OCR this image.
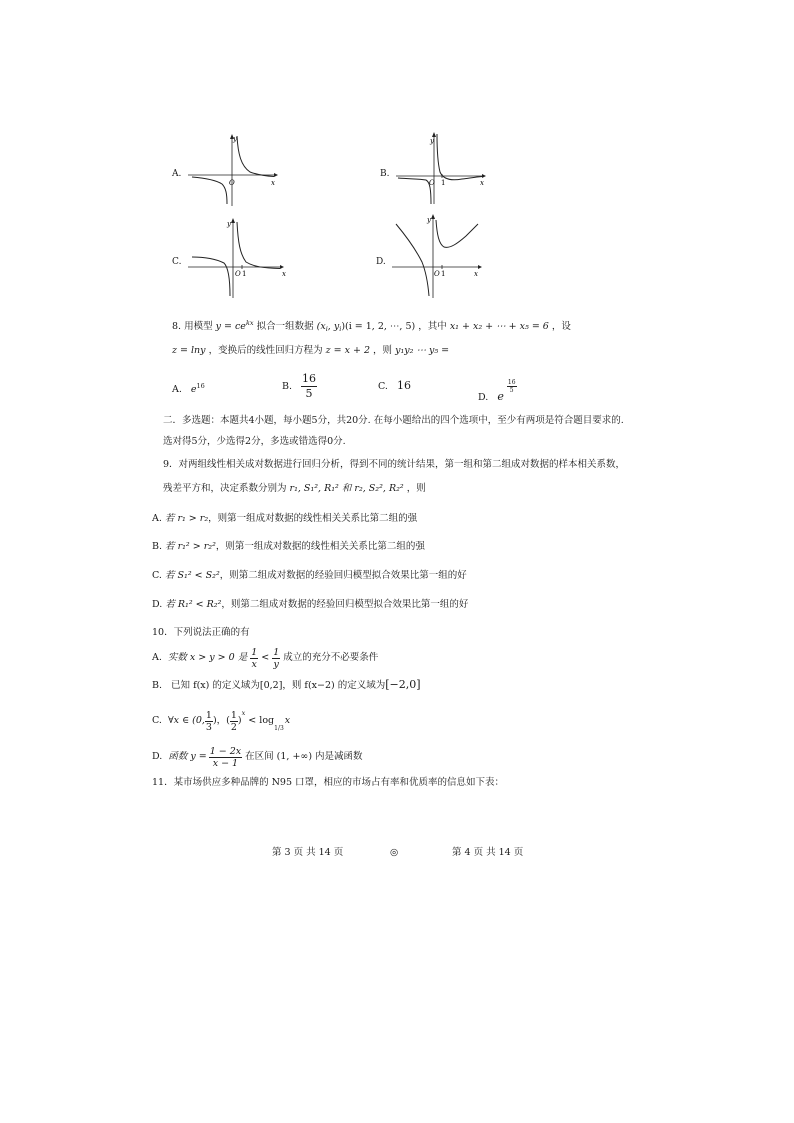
A.
y
O	x
B.
y
O 1	x
C.
y
O 1	x
D.
y
O 1	x
8. 用模型 $y = ce^{kx}$ 拟合一组数据 ($x_i$, $y_i)(i = 1$, 2, ⋯, 5) ，其中 x₁ + x₂ + ⋯ + x₅ = 6 ，设
z = lny ，变换后的线性回归方程为 z = x + 2 ，则 y₁y₂ ⋯ y₅ =
A. $e^{16}$	B. $\frac{16}{5}$	C. 16
D. e
$\frac{16}{5}$
二．多选题：本题共4小题，每小题5分，共20分. 在每小题给出的四个选项中，至少有两项是符合题目要求的.
选对得5分，少选得2分，多选或错选得0分.
9．对两组线性相关成对数据进行回归分析，得到不同的统计结果，第一组和第二组成对数据的样本相关系数，
残差平方和，决定系数分别为 r₁, S₁², R₁² 和 r₂, S₂², R₂² ，则
A. 若 r₁ > r₂，则第一组成对数据的线性相关关系比第二组的强
B. 若 r₁² > r₂²，则第一组成对数据的线性相关关系比第二组的强
C. 若 S₁² < S₂²，则第二组成对数据的经验回归模型拟合效果比第一组的好
D. 若 R₁² < R₂²，则第二组成对数据的经验回归模型拟合效果比第一组的好
10．下列说法正确的有
A. 实数 x > y > 0 是 $\frac{1}{x} < \frac{1}{y}$ 成立的充分不必要条件
B. 已知 f(x) 的定义域为[0,2]，则 f(x−2) 的定义域为[−2,0]
C. ∀x ∈ (0, $\frac{1}{3}$ )，( $\frac{1}{2}$ )
x
< log
1/3
x
D. 函数 $y = \frac{1 - 2x}{x - 1}$ 在区间 (1, +∞) 内是减函数
11．某市场供应多种品牌的 N95 口罩，相应的市场占有率和优质率的信息如下表：
第 3 页 共 14 页	◎	第 4 页 共 14 页
